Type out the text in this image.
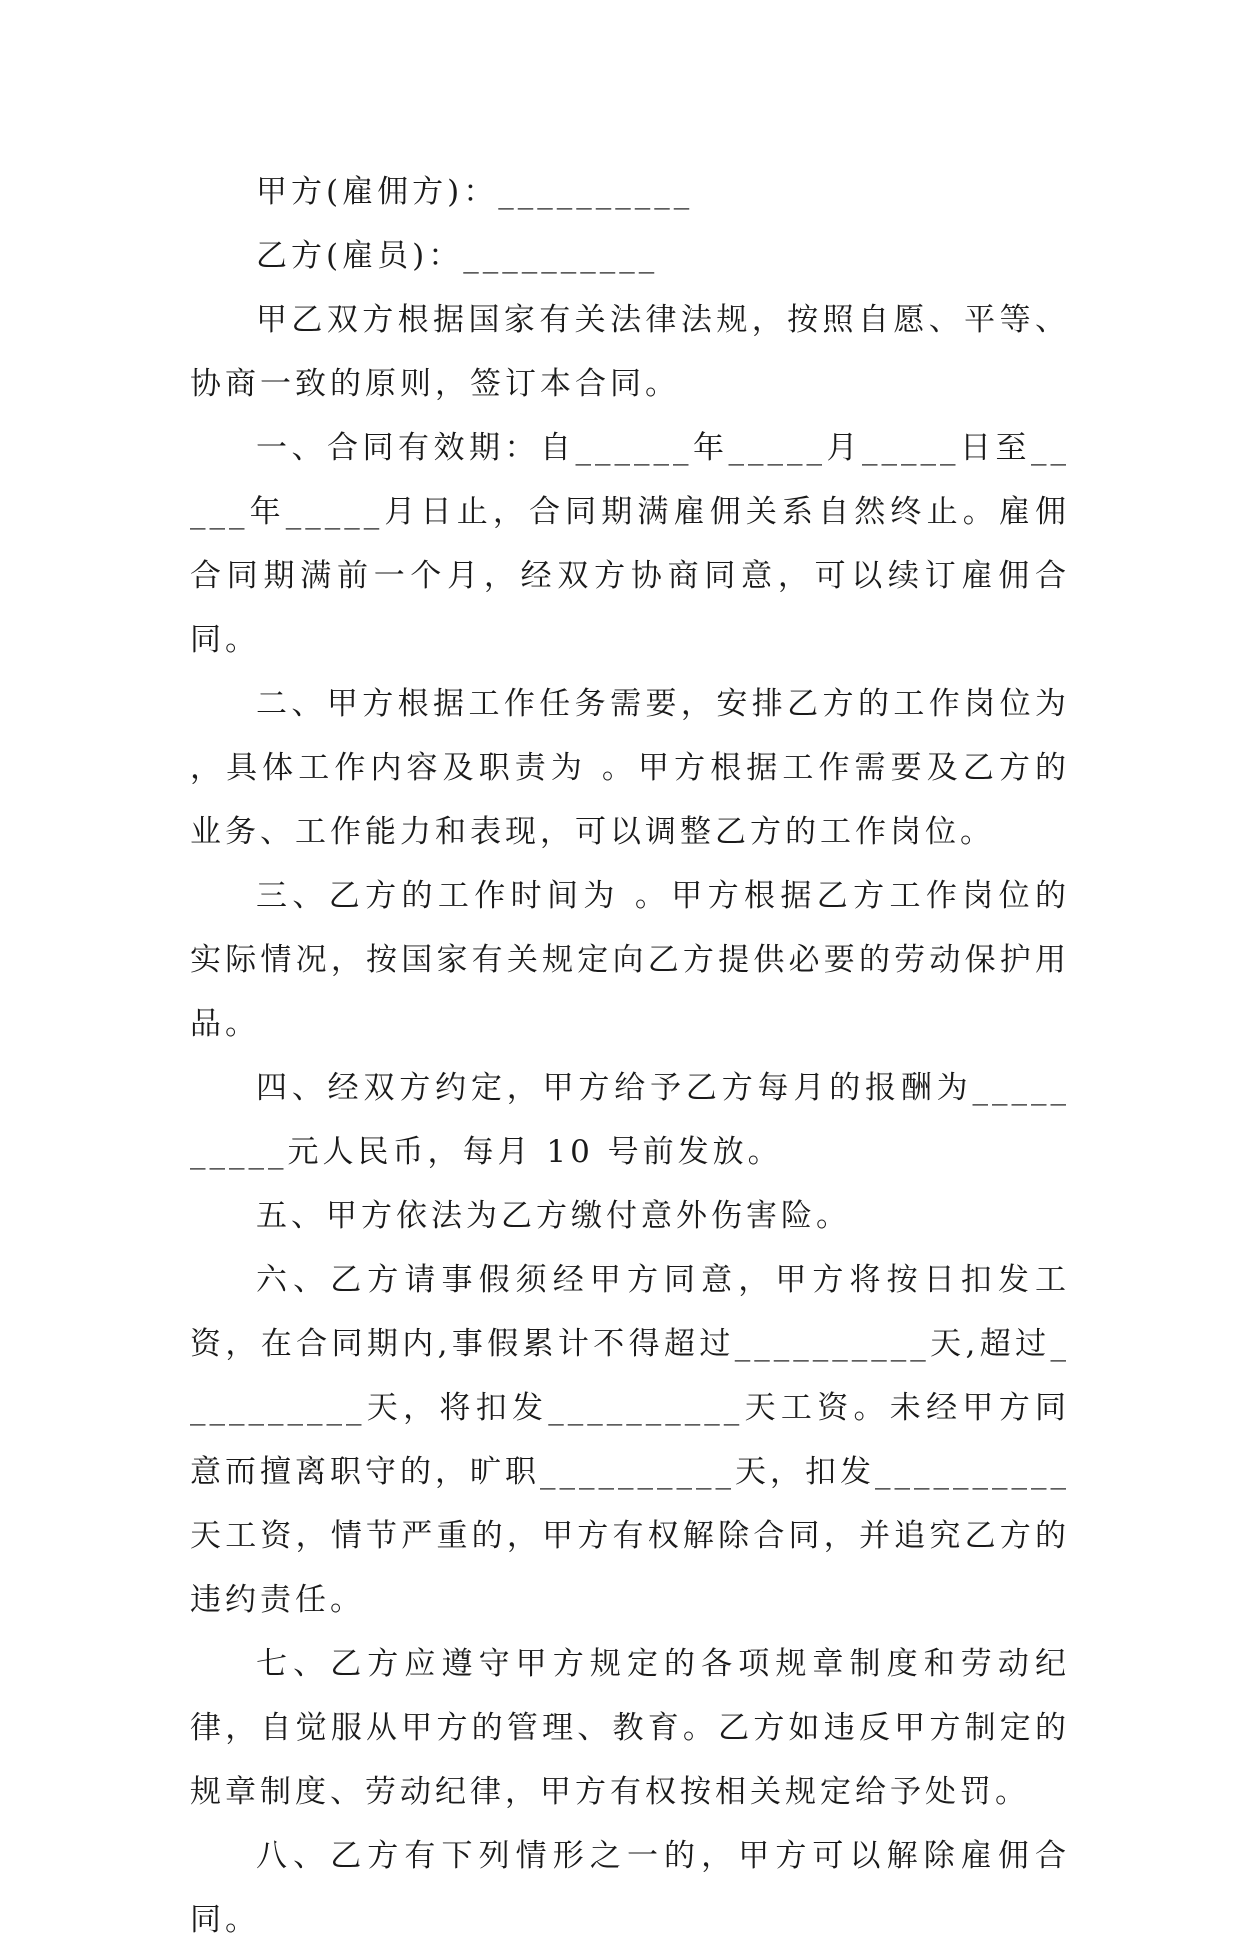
甲方(雇佣方)：__________

乙方(雇员)：__________

甲乙双方根据国家有关法律法规，按照自愿、平等、协商一致的原则，签订本合同。

一、合同有效期：自______年_____月_____日至_____年_____月日止，合同期满雇佣关系自然终止。雇佣合同期满前一个月，经双方协商同意，可以续订雇佣合同。

二、甲方根据工作任务需要，安排乙方的工作岗位为 ，具体工作内容及职责为 。甲方根据工作需要及乙方的业务、工作能力和表现，可以调整乙方的工作岗位。

三、乙方的工作时间为 。甲方根据乙方工作岗位的实际情况，按国家有关规定向乙方提供必要的劳动保护用品。

四、经双方约定，甲方给予乙方每月的报酬为__________元人民币，每月 10 号前发放。

五、甲方依法为乙方缴付意外伤害险。

六、乙方请事假须经甲方同意，甲方将按日扣发工资，在合同期内,事假累计不得超过__________天,超过__________天，将扣发__________天工资。未经甲方同意而擅离职守的，旷职__________天，扣发__________天工资，情节严重的，甲方有权解除合同，并追究乙方的违约责任。

七、乙方应遵守甲方规定的各项规章制度和劳动纪律，自觉服从甲方的管理、教育。乙方如违反甲方制定的规章制度、劳动纪律，甲方有权按相关规定给予处罚。

八、乙方有下列情形之一的，甲方可以解除雇佣合同。
